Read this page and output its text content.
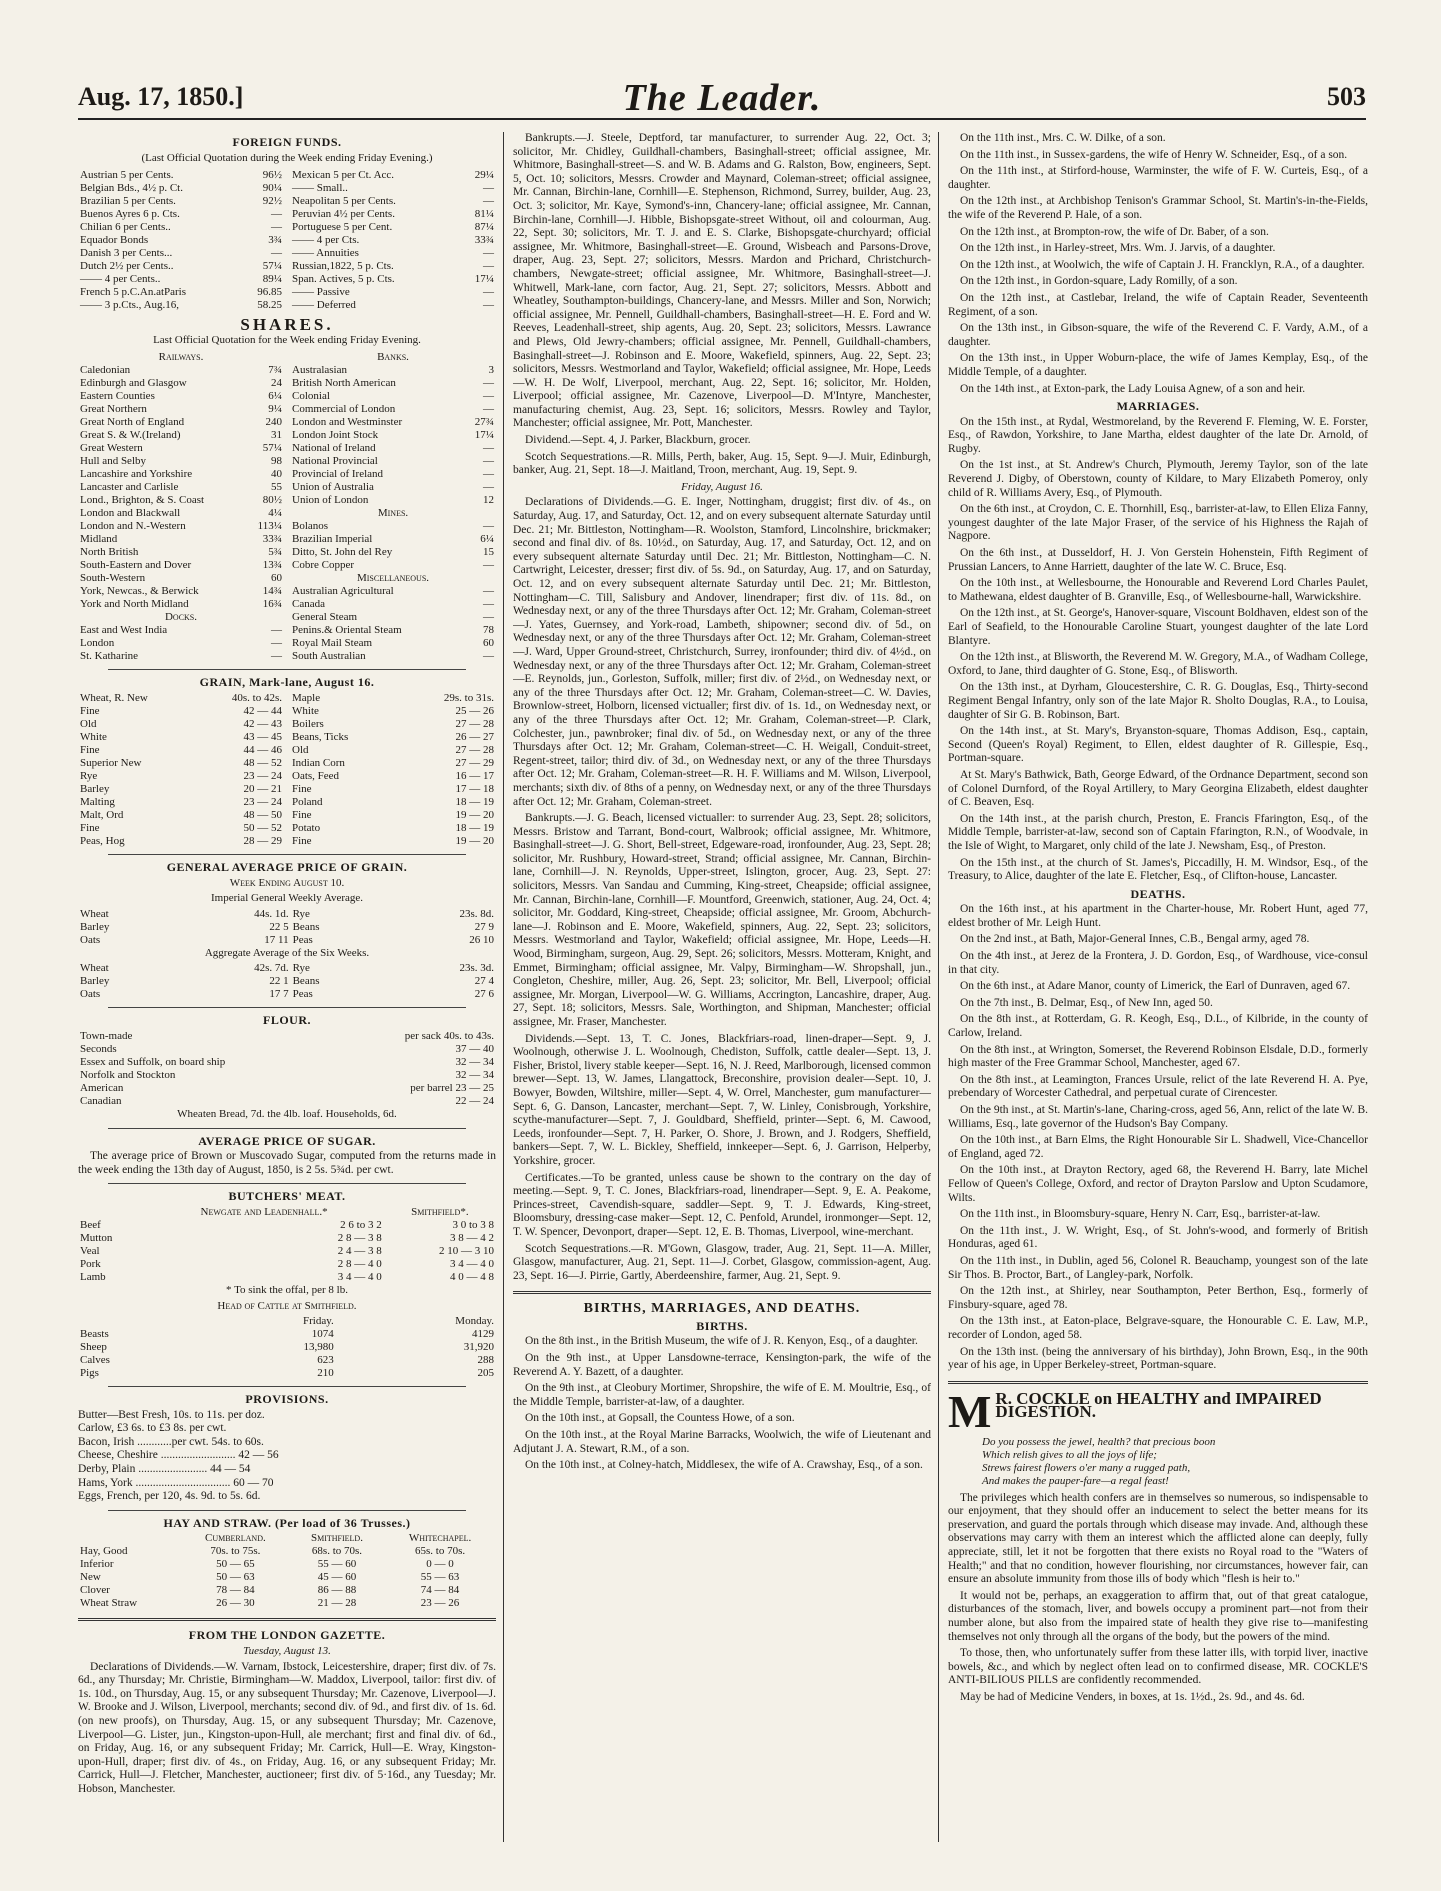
Aug. 17, 1850.]	The Leader.	503
FOREIGN FUNDS.
(Last Official Quotation during the Week ending Friday Evening.)
Austrian 5 per Cents.	96½
Belgian Bds., 4½ p. Ct.	90¼
Brazilian 5 per Cents.	92½
Buenos Ayres 6 p. Cts.	—
Chilian 6 per Cents..	—
Equador Bonds	3¾
Danish 3 per Cents...	—
Dutch 2½ per Cents..	57¼
—— 4 per Cents..	89¼
French 5 p.C.An.atParis	96.85
—— 3 p.Cts., Aug.16,	58.25
Mexican 5 per Ct. Acc.	29¼
—— Small..	—
Neapolitan 5 per Cents.	—
Peruvian 4½ per Cents.	81¼
Portuguese 5 per Cent.	87¼
—— 4 per Cts.	33¾
—— Annuities	—
Russian,1822, 5 p. Cts.	—
Span. Actives, 5 p. Cts.	17¼
—— Passive	—
—— Deferred	—
SHARES.
Last Official Quotation for the Week ending Friday Evening.
Railways.	
Caledonian	7¾
Edinburgh and Glasgow	24
Eastern Counties	6¼
Great Northern	9¼
Great North of England	240
Great S. & W.(Ireland)	31
Great Western	57¼
Hull and Selby	98
Lancashire and Yorkshire	40
Lancaster and Carlisle	55
Lond., Brighton, & S. Coast	80½
London and Blackwall	4¼
London and N.-Western	113¼
Midland	33¾
North British	5¾
South-Eastern and Dover	13¾
South-Western	60
York, Newcas., & Berwick	14¾
York and North Midland	16¾
Docks.	
East and West India	—
London	—
St. Katharine	—
Banks.	
Australasian	3
British North American	—
Colonial	—
Commercial of London	—
London and Westminster	27¾
London Joint Stock	17¼
National of Ireland	—
National Provincial	—
Provincial of Ireland	—
Union of Australia	—
Union of London	12
Mines.	
Bolanos	—
Brazilian Imperial	6¼
Ditto, St. John del Rey	15
Cobre Copper	—
Miscellaneous.	
Australian Agricultural	—
Canada	—
General Steam	—
Penins.& Oriental Steam	78
Royal Mail Steam	60
South Australian	—
GRAIN, Mark-lane, August 16.
Wheat, R. New	40s. to 42s.
Fine	42 — 44
Old	42 — 43
White	43 — 45
Fine	44 — 46
Superior New	48 — 52
Rye	23 — 24
Barley	20 — 21
Malting	23 — 24
Malt, Ord	48 — 50
Fine	50 — 52
Peas, Hog	28 — 29
Maple	29s. to 31s.
White	25 — 26
Boilers	27 — 28
Beans, Ticks	26 — 27
Old	27 — 28
Indian Corn	27 — 29
Oats, Feed	16 — 17
Fine	17 — 18
Poland	18 — 19
Fine	19 — 20
Potato	18 — 19
Fine	19 — 20
GENERAL AVERAGE PRICE OF GRAIN.
Week Ending August 10.
Imperial General Weekly Average.
Wheat	44s. 1d.	Rye	23s. 8d.
Barley	22 5	Beans	27 9
Oats	17 11	Peas	26 10
Aggregate Average of the Six Weeks.
Wheat	42s. 7d.	Rye	23s. 3d.
Barley	22 1	Beans	27 4
Oats	17 7	Peas	27 6
FLOUR.
Town-made	per sack 40s. to 43s.
Seconds	37 — 40
Essex and Suffolk, on board ship	32 — 34
Norfolk and Stockton	32 — 34
American	per barrel 23 — 25
Canadian	22 — 24
Wheaten Bread, 7d. the 4lb. loaf. Households, 6d.
AVERAGE PRICE OF SUGAR.

The average price of Brown or Muscovado Sugar, computed from the returns made in the week ending the 13th day of August, 1850, is 2 5s. 5¾d. per cwt.

BUTCHERS' MEAT.
	Newgate and Leadenhall.*	Smithfield*.
Beef	2 6 to 3 2	3 0 to 3 8
Mutton	2 8 — 3 8	3 8 — 4 2
Veal	2 4 — 3 8	2 10 — 3 10
Pork	2 8 — 4 0	3 4 — 4 0
Lamb	3 4 — 4 0	4 0 — 4 8
* To sink the offal, per 8 lb.
Head of Cattle at Smithfield.
	Friday.	Monday.
Beasts	1074	4129
Sheep	13,980	31,920
Calves	623	288
Pigs	210	205
PROVISIONS.
Butter—Best Fresh, 10s. to 11s. per doz.
Carlow, £3 6s. to £3 8s. per cwt.
Bacon, Irish ............per cwt. 54s. to 60s.
Cheese, Cheshire .......................... 42 — 56
Derby, Plain ........................ 44 — 54
Hams, York ................................. 60 — 70
Eggs, French, per 120, 4s. 9d. to 5s. 6d.
HAY AND STRAW. (Per load of 36 Trusses.)
	Cumberland.	Smithfield.	Whitechapel.
Hay, Good	70s. to 75s.	68s. to 70s.	65s. to 70s.
Inferior	50 — 65	55 — 60	0 — 0
New	50 — 63	45 — 60	55 — 63
Clover	78 — 84	86 — 88	74 — 84
Wheat Straw	26 — 30	21 — 28	23 — 26
FROM THE LONDON GAZETTE.
Tuesday, August 13.

Declarations of Dividends.—W. Varnam, Ibstock, Leicestershire, draper; first div. of 7s. 6d., any Thursday; Mr. Christie, Birmingham—W. Maddox, Liverpool, tailor: first div. of 1s. 10d., on Thursday, Aug. 15, or any subsequent Thursday; Mr. Cazenove, Liverpool—J. W. Brooke and J. Wilson, Liverpool, merchants; second div. of 9d., and first div. of 1s. 6d. (on new proofs), on Thursday, Aug. 15, or any subsequent Thursday; Mr. Cazenove, Liverpool—G. Lister, jun., Kingston-upon-Hull, ale merchant; first and final div. of 6d., on Friday, Aug. 16, or any subsequent Friday; Mr. Carrick, Hull—E. Wray, Kingston-upon-Hull, draper; first div. of 4s., on Friday, Aug. 16, or any subsequent Friday; Mr. Carrick, Hull—J. Fletcher, Manchester, auctioneer; first div. of 5·16d., any Tuesday; Mr. Hobson, Manchester.

Bankrupts.—J. Steele, Deptford, tar manufacturer, to surrender Aug. 22, Oct. 3; solicitor, Mr. Chidley, Guildhall-chambers, Basinghall-street; official assignee, Mr. Whitmore, Basinghall-street—S. and W. B. Adams and G. Ralston, Bow, engineers, Sept. 5, Oct. 10; solicitors, Messrs. Crowder and Maynard, Coleman-street; official assignee, Mr. Cannan, Birchin-lane, Cornhill—E. Stephenson, Richmond, Surrey, builder, Aug. 23, Oct. 3; solicitor, Mr. Kaye, Symond's-inn, Chancery-lane; official assignee, Mr. Cannan, Birchin-lane, Cornhill—J. Hibble, Bishopsgate-street Without, oil and colourman, Aug. 22, Sept. 30; solicitors, Mr. T. J. and E. S. Clarke, Bishopsgate-churchyard; official assignee, Mr. Whitmore, Basinghall-street—E. Ground, Wisbeach and Parsons-Drove, draper, Aug. 23, Sept. 27; solicitors, Messrs. Mardon and Prichard, Christchurch-chambers, Newgate-street; official assignee, Mr. Whitmore, Basinghall-street—J. Whitwell, Mark-lane, corn factor, Aug. 21, Sept. 27; solicitors, Messrs. Abbott and Wheatley, Southampton-buildings, Chancery-lane, and Messrs. Miller and Son, Norwich; official assignee, Mr. Pennell, Guildhall-chambers, Basinghall-street—H. E. Ford and W. Reeves, Leadenhall-street, ship agents, Aug. 20, Sept. 23; solicitors, Messrs. Lawrance and Plews, Old Jewry-chambers; official assignee, Mr. Pennell, Guildhall-chambers, Basinghall-street—J. Robinson and E. Moore, Wakefield, spinners, Aug. 22, Sept. 23; solicitors, Messrs. Westmorland and Taylor, Wakefield; official assignee, Mr. Hope, Leeds—W. H. De Wolf, Liverpool, merchant, Aug. 22, Sept. 16; solicitor, Mr. Holden, Liverpool; official assignee, Mr. Cazenove, Liverpool—D. M'Intyre, Manchester, manufacturing chemist, Aug. 23, Sept. 16; solicitors, Messrs. Rowley and Taylor, Manchester; official assignee, Mr. Pott, Manchester.

Dividend.—Sept. 4, J. Parker, Blackburn, grocer.

Scotch Sequestrations.—R. Mills, Perth, baker, Aug. 15, Sept. 9—J. Muir, Edinburgh, banker, Aug. 21, Sept. 18—J. Maitland, Troon, merchant, Aug. 19, Sept. 9.

Friday, August 16.

Declarations of Dividends.—G. E. Inger, Nottingham, druggist; first div. of 4s., on Saturday, Aug. 17, and Saturday, Oct. 12, and on every subsequent alternate Saturday until Dec. 21; Mr. Bittleston, Nottingham—R. Woolston, Stamford, Lincolnshire, brickmaker; second and final div. of 8s. 10½d., on Saturday, Aug. 17, and Saturday, Oct. 12, and on every subsequent alternate Saturday until Dec. 21; Mr. Bittleston, Nottingham—C. N. Cartwright, Leicester, dresser; first div. of 5s. 9d., on Saturday, Aug. 17, and on Saturday, Oct. 12, and on every subsequent alternate Saturday until Dec. 21; Mr. Bittleston, Nottingham—C. Till, Salisbury and Andover, linendraper; first div. of 11s. 8d., on Wednesday next, or any of the three Thursdays after Oct. 12; Mr. Graham, Coleman-street—J. Yates, Guernsey, and York-road, Lambeth, shipowner; second div. of 5d., on Wednesday next, or any of the three Thursdays after Oct. 12; Mr. Graham, Coleman-street—J. Ward, Upper Ground-street, Christchurch, Surrey, ironfounder; third div. of 4½d., on Wednesday next, or any of the three Thursdays after Oct. 12; Mr. Graham, Coleman-street—E. Reynolds, jun., Gorleston, Suffolk, miller; first div. of 2½d., on Wednesday next, or any of the three Thursdays after Oct. 12; Mr. Graham, Coleman-street—C. W. Davies, Brownlow-street, Holborn, licensed victualler; first div. of 1s. 1d., on Wednesday next, or any of the three Thursdays after Oct. 12; Mr. Graham, Coleman-street—P. Clark, Colchester, jun., pawnbroker; final div. of 5d., on Wednesday next, or any of the three Thursdays after Oct. 12; Mr. Graham, Coleman-street—C. H. Weigall, Conduit-street, Regent-street, tailor; third div. of 3d., on Wednesday next, or any of the three Thursdays after Oct. 12; Mr. Graham, Coleman-street—R. H. F. Williams and M. Wilson, Liverpool, merchants; sixth div. of 8ths of a penny, on Wednesday next, or any of the three Thursdays after Oct. 12; Mr. Graham, Coleman-street.

Bankrupts.—J. G. Beach, licensed victualler: to surrender Aug. 23, Sept. 28; solicitors, Messrs. Bristow and Tarrant, Bond-court, Walbrook; official assignee, Mr. Whitmore, Basinghall-street—J. G. Short, Bell-street, Edgeware-road, ironfounder, Aug. 23, Sept. 28; solicitor, Mr. Rushbury, Howard-street, Strand; official assignee, Mr. Cannan, Birchin-lane, Cornhill—J. N. Reynolds, Upper-street, Islington, grocer, Aug. 23, Sept. 27: solicitors, Messrs. Van Sandau and Cumming, King-street, Cheapside; official assignee, Mr. Cannan, Birchin-lane, Cornhill—F. Mountford, Greenwich, stationer, Aug. 24, Oct. 4; solicitor, Mr. Goddard, King-street, Cheapside; official assignee, Mr. Groom, Abchurch-lane—J. Robinson and E. Moore, Wakefield, spinners, Aug. 22, Sept. 23; solicitors, Messrs. Westmorland and Taylor, Wakefield; official assignee, Mr. Hope, Leeds—H. Wood, Birmingham, surgeon, Aug. 29, Sept. 26; solicitors, Messrs. Motteram, Knight, and Emmet, Birmingham; official assignee, Mr. Valpy, Birmingham—W. Shropshall, jun., Congleton, Cheshire, miller, Aug. 26, Sept. 23; solicitor, Mr. Bell, Liverpool; official assignee, Mr. Morgan, Liverpool—W. G. Williams, Accrington, Lancashire, draper, Aug. 27, Sept. 18; solicitors, Messrs. Sale, Worthington, and Shipman, Manchester; official assignee, Mr. Fraser, Manchester.

Dividends.—Sept. 13, T. C. Jones, Blackfriars-road, linen-draper—Sept. 9, J. Woolnough, otherwise J. L. Woolnough, Chediston, Suffolk, cattle dealer—Sept. 13, J. Fisher, Bristol, livery stable keeper—Sept. 16, N. J. Reed, Marlborough, licensed common brewer—Sept. 13, W. James, Llangattock, Breconshire, provision dealer—Sept. 10, J. Bowyer, Bowden, Wiltshire, miller—Sept. 4, W. Orrel, Manchester, gum manufacturer—Sept. 6, G. Danson, Lancaster, merchant—Sept. 7, W. Linley, Conisbrough, Yorkshire, scythe-manufacturer—Sept. 7, J. Gouldbard, Sheffield, printer—Sept. 6, M. Cawood, Leeds, ironfounder—Sept. 7, H. Parker, O. Shore, J. Brown, and J. Rodgers, Sheffield, bankers—Sept. 7, W. L. Bickley, Sheffield, innkeeper—Sept. 6, J. Garrison, Helperby, Yorkshire, grocer.

Certificates.—To be granted, unless cause be shown to the contrary on the day of meeting.—Sept. 9, T. C. Jones, Blackfriars-road, linendraper—Sept. 9, E. A. Peakome, Princes-street, Cavendish-square, saddler—Sept. 9, T. J. Edwards, King-street, Bloomsbury, dressing-case maker—Sept. 12, C. Penfold, Arundel, ironmonger—Sept. 12, T. W. Spencer, Devonport, draper—Sept. 12, E. B. Thomas, Liverpool, wine-merchant.

Scotch Sequestrations.—R. M'Gown, Glasgow, trader, Aug. 21, Sept. 11—A. Miller, Glasgow, manufacturer, Aug. 21, Sept. 11—J. Corbet, Glasgow, commission-agent, Aug. 23, Sept. 16—J. Pirrie, Gartly, Aberdeenshire, farmer, Aug. 21, Sept. 9.

BIRTHS, MARRIAGES, AND DEATHS.
BIRTHS.

On the 8th inst., in the British Museum, the wife of J. R. Kenyon, Esq., of a daughter.

On the 9th inst., at Upper Lansdowne-terrace, Kensington-park, the wife of the Reverend A. Y. Bazett, of a daughter.

On the 9th inst., at Cleobury Mortimer, Shropshire, the wife of E. M. Moultrie, Esq., of the Middle Temple, barrister-at-law, of a daughter.

On the 10th inst., at Gopsall, the Countess Howe, of a son.

On the 10th inst., at the Royal Marine Barracks, Woolwich, the wife of Lieutenant and Adjutant J. A. Stewart, R.M., of a son.

On the 10th inst., at Colney-hatch, Middlesex, the wife of A. Crawshay, Esq., of a son.

On the 11th inst., Mrs. C. W. Dilke, of a son.

On the 11th inst., in Sussex-gardens, the wife of Henry W. Schneider, Esq., of a son.

On the 11th inst., at Stirford-house, Warminster, the wife of F. W. Curteis, Esq., of a daughter.

On the 12th inst., at Archbishop Tenison's Grammar School, St. Martin's-in-the-Fields, the wife of the Reverend P. Hale, of a son.

On the 12th inst., at Brompton-row, the wife of Dr. Baber, of a son.

On the 12th inst., in Harley-street, Mrs. Wm. J. Jarvis, of a daughter.

On the 12th inst., at Woolwich, the wife of Captain J. H. Francklyn, R.A., of a daughter.

On the 12th inst., in Gordon-square, Lady Romilly, of a son.

On the 12th inst., at Castlebar, Ireland, the wife of Captain Reader, Seventeenth Regiment, of a son.

On the 13th inst., in Gibson-square, the wife of the Reverend C. F. Vardy, A.M., of a daughter.

On the 13th inst., in Upper Woburn-place, the wife of James Kemplay, Esq., of the Middle Temple, of a daughter.

On the 14th inst., at Exton-park, the Lady Louisa Agnew, of a son and heir.

MARRIAGES.

On the 15th inst., at Rydal, Westmoreland, by the Reverend F. Fleming, W. E. Forster, Esq., of Rawdon, Yorkshire, to Jane Martha, eldest daughter of the late Dr. Arnold, of Rugby.

On the 1st inst., at St. Andrew's Church, Plymouth, Jeremy Taylor, son of the late Reverend J. Digby, of Oberstown, county of Kildare, to Mary Elizabeth Pomeroy, only child of R. Williams Avery, Esq., of Plymouth.

On the 6th inst., at Croydon, C. E. Thornhill, Esq., barrister-at-law, to Ellen Eliza Fanny, youngest daughter of the late Major Fraser, of the service of his Highness the Rajah of Nagpore.

On the 6th inst., at Dusseldorf, H. J. Von Gerstein Hohenstein, Fifth Regiment of Prussian Lancers, to Anne Harriett, daughter of the late W. C. Bruce, Esq.

On the 10th inst., at Wellesbourne, the Honourable and Reverend Lord Charles Paulet, to Mathewana, eldest daughter of B. Granville, Esq., of Wellesbourne-hall, Warwickshire.

On the 12th inst., at St. George's, Hanover-square, Viscount Boldhaven, eldest son of the Earl of Seafield, to the Honourable Caroline Stuart, youngest daughter of the late Lord Blantyre.

On the 12th inst., at Blisworth, the Reverend M. W. Gregory, M.A., of Wadham College, Oxford, to Jane, third daughter of G. Stone, Esq., of Blisworth.

On the 13th inst., at Dyrham, Gloucestershire, C. R. G. Douglas, Esq., Thirty-second Regiment Bengal Infantry, only son of the late Major R. Sholto Douglas, R.A., to Louisa, daughter of Sir G. B. Robinson, Bart.

On the 14th inst., at St. Mary's, Bryanston-square, Thomas Addison, Esq., captain, Second (Queen's Royal) Regiment, to Ellen, eldest daughter of R. Gillespie, Esq., Portman-square.

At St. Mary's Bathwick, Bath, George Edward, of the Ordnance Department, second son of Colonel Durnford, of the Royal Artillery, to Mary Georgina Elizabeth, eldest daughter of C. Beaven, Esq.

On the 14th inst., at the parish church, Preston, E. Francis Ffarington, Esq., of the Middle Temple, barrister-at-law, second son of Captain Ffarington, R.N., of Woodvale, in the Isle of Wight, to Margaret, only child of the late J. Newsham, Esq., of Preston.

On the 15th inst., at the church of St. James's, Piccadilly, H. M. Windsor, Esq., of the Treasury, to Alice, daughter of the late E. Fletcher, Esq., of Clifton-house, Lancaster.

DEATHS.

On the 16th inst., at his apartment in the Charter-house, Mr. Robert Hunt, aged 77, eldest brother of Mr. Leigh Hunt.

On the 2nd inst., at Bath, Major-General Innes, C.B., Bengal army, aged 78.

On the 4th inst., at Jerez de la Frontera, J. D. Gordon, Esq., of Wardhouse, vice-consul in that city.

On the 6th inst., at Adare Manor, county of Limerick, the Earl of Dunraven, aged 67.

On the 7th inst., B. Delmar, Esq., of New Inn, aged 50.

On the 8th inst., at Rotterdam, G. R. Keogh, Esq., D.L., of Kilbride, in the county of Carlow, Ireland.

On the 8th inst., at Wrington, Somerset, the Reverend Robinson Elsdale, D.D., formerly high master of the Free Grammar School, Manchester, aged 67.

On the 8th inst., at Leamington, Frances Ursule, relict of the late Reverend H. A. Pye, prebendary of Worcester Cathedral, and perpetual curate of Cirencester.

On the 9th inst., at St. Martin's-lane, Charing-cross, aged 56, Ann, relict of the late W. B. Williams, Esq., late governor of the Hudson's Bay Company.

On the 10th inst., at Barn Elms, the Right Honourable Sir L. Shadwell, Vice-Chancellor of England, aged 72.

On the 10th inst., at Drayton Rectory, aged 68, the Reverend H. Barry, late Michel Fellow of Queen's College, Oxford, and rector of Drayton Parslow and Upton Scudamore, Wilts.

On the 11th inst., in Bloomsbury-square, Henry N. Carr, Esq., barrister-at-law.

On the 11th inst., J. W. Wright, Esq., of St. John's-wood, and formerly of British Honduras, aged 61.

On the 11th inst., in Dublin, aged 56, Colonel R. Beauchamp, youngest son of the late Sir Thos. B. Proctor, Bart., of Langley-park, Norfolk.

On the 12th inst., at Shirley, near Southampton, Peter Berthon, Esq., formerly of Finsbury-square, aged 78.

On the 13th inst., at Eaton-place, Belgrave-square, the Honourable C. E. Law, M.P., recorder of London, aged 58.

On the 13th inst. (being the anniversary of his birthday), John Brown, Esq., in the 90th year of his age, in Upper Berkeley-street, Portman-square.

M R. COCKLE on HEALTHY and IMPAIRED DIGESTION.
Do you possess the jewel, health? that precious boon
Which relish gives to all the joys of life;
Strews fairest flowers o'er many a rugged path,
And makes the pauper-fare—a regal feast!

The privileges which health confers are in themselves so numerous, so indispensable to our enjoyment, that they should offer an inducement to select the better means for its preservation, and guard the portals through which disease may invade. And, although these observations may carry with them an interest which the afflicted alone can deeply, fully appreciate, still, let it not be forgotten that there exists no Royal road to the "Waters of Health;" and that no condition, however flourishing, nor circumstances, however fair, can ensure an absolute immunity from those ills of body which "flesh is heir to."

It would not be, perhaps, an exaggeration to affirm that, out of that great catalogue, disturbances of the stomach, liver, and bowels occupy a prominent part—not from their number alone, but also from the impaired state of health they give rise to—manifesting themselves not only through all the organs of the body, but the powers of the mind.

To those, then, who unfortunately suffer from these latter ills, with torpid liver, inactive bowels, &c., and which by neglect often lead on to confirmed disease, MR. COCKLE'S ANTI-BILIOUS PILLS are confidently recommended.

May be had of Medicine Venders, in boxes, at 1s. 1½d., 2s. 9d., and 4s. 6d.
